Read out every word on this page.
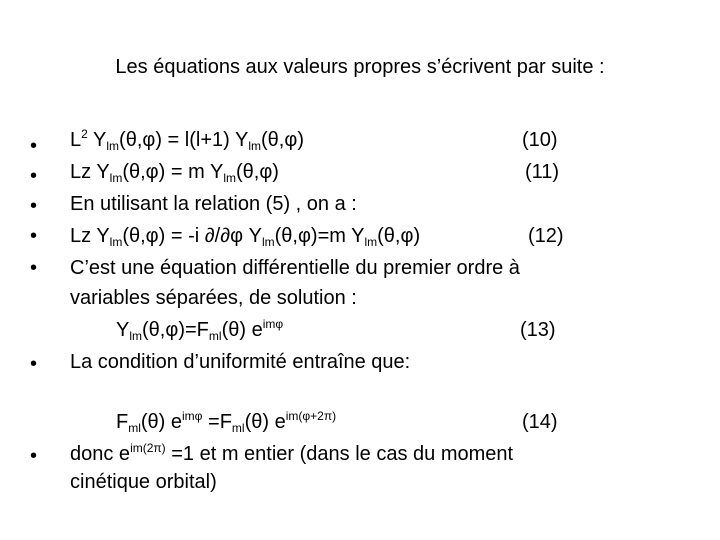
Les équations aux valeurs propres s’écrivent par suite :
• $L^2$ $Y_{lm}(\theta,\varphi) = l(l+1)$ $Y_{lm}(\theta,\varphi)$	(10)
• Lz $Y_{lm}(\theta,\varphi) = m$ $Y_{lm}(\theta,\varphi)$	(11)
• En utilisant la relation (5) , on a :
• Lz $Y_{lm}(\theta,\varphi) = -i$ ∂/∂φ $Y_{lm}(\theta,\varphi)=m$ $Y_{lm}(\theta,\varphi)$	(12)
• C’est une équation différentielle du premier ordre à
variables séparées, de solution :
$Y_{lm}(\theta,\varphi)=F_{ml}(\theta)$ $e^{im\varphi}$	(13)
• La condition d’uniformité entraîne que:
$F_{ml}(\theta)$ $e^{im\varphi} =F_{ml}(\theta)$ $e^{im(\varphi+2\pi)}$	(14)
• donc $e^{im(2\pi)} =1$ et m entier (dans le cas du moment
cinétique orbital)
